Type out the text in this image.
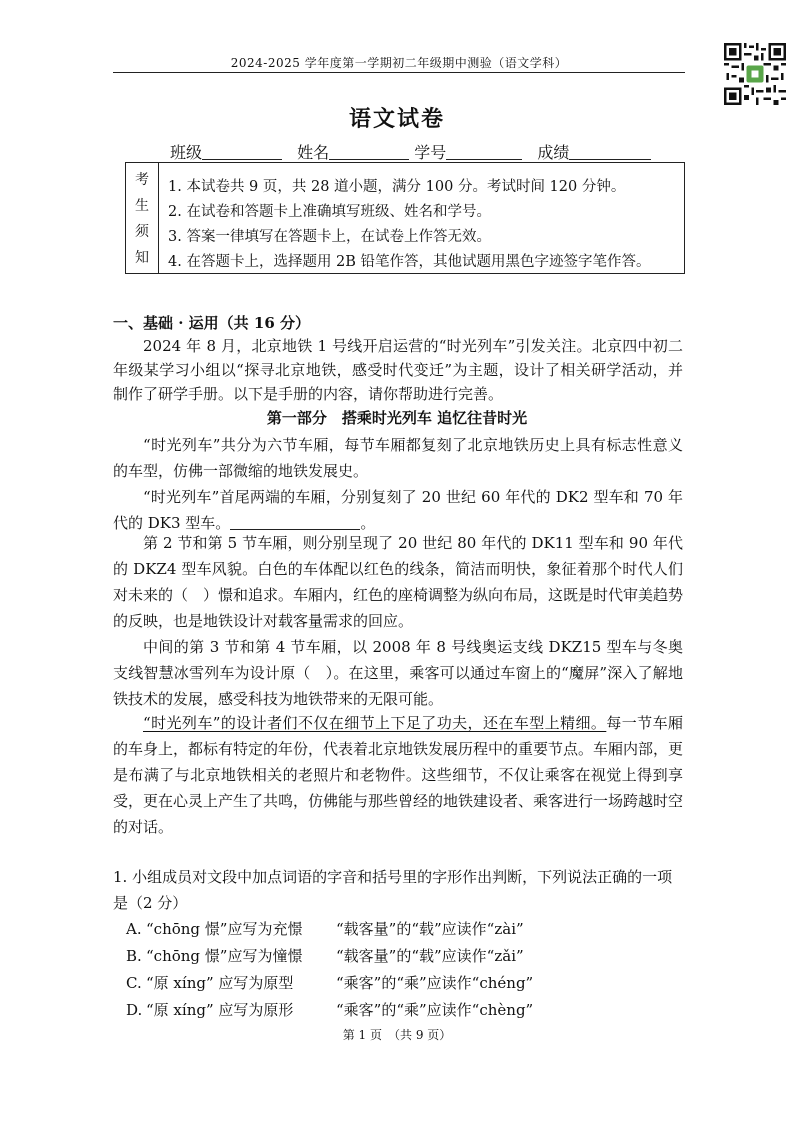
2024-2025 学年度第一学期初二年级期中测验（语文学科）
语文试卷
班级	姓名	学号	成绩
考
生
须
知
1. 本试卷共 9 页，共 28 道小题，满分 100 分。考试时间 120 分钟。
2. 在试卷和答题卡上准确填写班级、姓名和学号。
3. 答案一律填写在答题卡上，在试卷上作答无效。
4. 在答题卡上，选择题用 2B 铅笔作答，其他试题用黑色字迹签字笔作答。
一、基础 · 运用（共 16 分）
2024 年 8 月，北京地铁 1 号线开启运营的“时光列车”引发关注。北京四中初二年级某学习小组以“探寻北京地铁，感受时代变迁”为主题，设计了相关研学活动，并制作了研学手册。以下是手册的内容，请你帮助进行完善。
第一部分　搭乘时光列车 追忆往昔时光
“时光列车”共分为六节车厢，每节车厢都复刻了北京地铁历史上具有标志性意义的车型，仿佛一部微缩的地铁发展史。
“时光列车”首尾两端的车厢，分别复刻了 20 世纪 60 年代的 DK2 型车和 70 年代的 DK3 型车。	。
第 2 节和第 5 节车厢，则分别呈现了 20 世纪 80 年代的 DK11 型车和 90 年代的 DKZ4 型车风貌。白色的车体配以红色的线条，简洁而明快，象征着那个时代人们对未来的（　）憬和追求。车厢内，红色的座椅调整为纵向布局，这既是时代审美趋势的反映，也是地铁设计对载客量需求的回应。
中间的第 3 节和第 4 节车厢，以 2008 年 8 号线奥运支线 DKZ15 型车与冬奥支线智慧冰雪列车为设计原（　）。在这里，乘客可以通过车窗上的“魔屏”深入了解地铁技术的发展，感受科技为地铁带来的无限可能。
“时光列车”的设计者们不仅在细节上下足了功夫，还在车型上精细。每一节车厢的车身上，都标有特定的年份，代表着北京地铁发展历程中的重要节点。车厢内部，更是布满了与北京地铁相关的老照片和老物件。这些细节，不仅让乘客在视觉上得到享受，更在心灵上产生了共鸣，仿佛能与那些曾经的地铁建设者、乘客进行一场跨越时空的对话。
1. 小组成员对文段中加点词语的字音和括号里的字形作出判断，下列说法正确的一项是（2 分）
A. “chōng 憬”应写为充憬 “载客量”的“载”应读作“zài”
B. “chōng 憬”应写为憧憬 “载客量”的“载”应读作“zǎi”
C. “原 xíng” 应写为原型	“乘客”的“乘”应读作“chéng”
D. “原 xíng” 应写为原形	“乘客”的“乘”应读作“chèng”
第 1 页　（共 9 页）
